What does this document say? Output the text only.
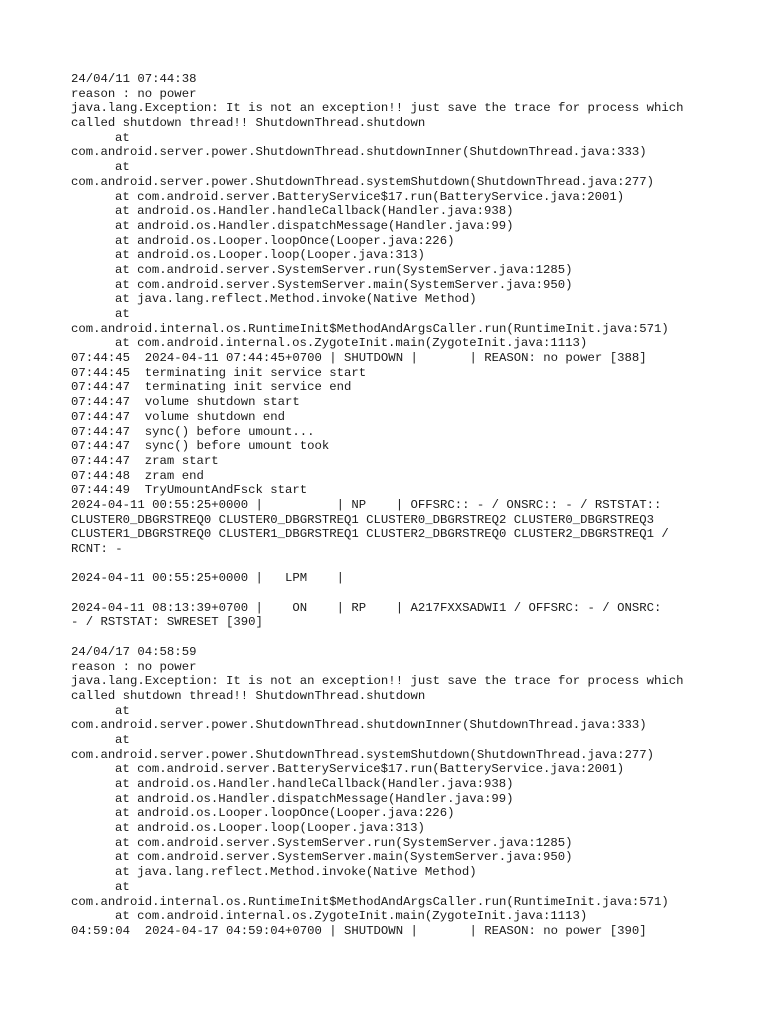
24/04/11 07:44:38
reason : no power
java.lang.Exception: It is not an exception!! just save the trace for process which
called shutdown thread!! ShutdownThread.shutdown
at
com.android.server.power.ShutdownThread.shutdownInner(ShutdownThread.java:333)
at
com.android.server.power.ShutdownThread.systemShutdown(ShutdownThread.java:277)
at com.android.server.BatteryService$17.run(BatteryService.java:2001)
at android.os.Handler.handleCallback(Handler.java:938)
at android.os.Handler.dispatchMessage(Handler.java:99)
at android.os.Looper.loopOnce(Looper.java:226)
at android.os.Looper.loop(Looper.java:313)
at com.android.server.SystemServer.run(SystemServer.java:1285)
at com.android.server.SystemServer.main(SystemServer.java:950)
at java.lang.reflect.Method.invoke(Native Method)
at
com.android.internal.os.RuntimeInit$MethodAndArgsCaller.run(RuntimeInit.java:571)
at com.android.internal.os.ZygoteInit.main(ZygoteInit.java:1113)
07:44:45  2024-04-11 07:44:45+0700 | SHUTDOWN |       | REASON: no power [388]
07:44:45  terminating init service start
07:44:47  terminating init service end
07:44:47  volume shutdown start
07:44:47  volume shutdown end
07:44:47  sync() before umount...
07:44:47  sync() before umount took
07:44:47  zram start
07:44:48  zram end
07:44:49  TryUmountAndFsck start
2024-04-11 00:55:25+0000 |          | NP    | OFFSRC:: - / ONSRC:: - / RSTSTAT::
CLUSTER0_DBGRSTREQ0 CLUSTER0_DBGRSTREQ1 CLUSTER0_DBGRSTREQ2 CLUSTER0_DBGRSTREQ3
CLUSTER1_DBGRSTREQ0 CLUSTER1_DBGRSTREQ1 CLUSTER2_DBGRSTREQ0 CLUSTER2_DBGRSTREQ1 /
RCNT: -
2024-04-11 00:55:25+0000 |   LPM    |
2024-04-11 08:13:39+0700 |    ON    | RP    | A217FXXSADWI1 / OFFSRC: - / ONSRC:
- / RSTSTAT: SWRESET [390]
24/04/17 04:58:59
reason : no power
java.lang.Exception: It is not an exception!! just save the trace for process which
called shutdown thread!! ShutdownThread.shutdown
at
com.android.server.power.ShutdownThread.shutdownInner(ShutdownThread.java:333)
at
com.android.server.power.ShutdownThread.systemShutdown(ShutdownThread.java:277)
at com.android.server.BatteryService$17.run(BatteryService.java:2001)
at android.os.Handler.handleCallback(Handler.java:938)
at android.os.Handler.dispatchMessage(Handler.java:99)
at android.os.Looper.loopOnce(Looper.java:226)
at android.os.Looper.loop(Looper.java:313)
at com.android.server.SystemServer.run(SystemServer.java:1285)
at com.android.server.SystemServer.main(SystemServer.java:950)
at java.lang.reflect.Method.invoke(Native Method)
at
com.android.internal.os.RuntimeInit$MethodAndArgsCaller.run(RuntimeInit.java:571)
at com.android.internal.os.ZygoteInit.main(ZygoteInit.java:1113)
04:59:04  2024-04-17 04:59:04+0700 | SHUTDOWN |       | REASON: no power [390]
